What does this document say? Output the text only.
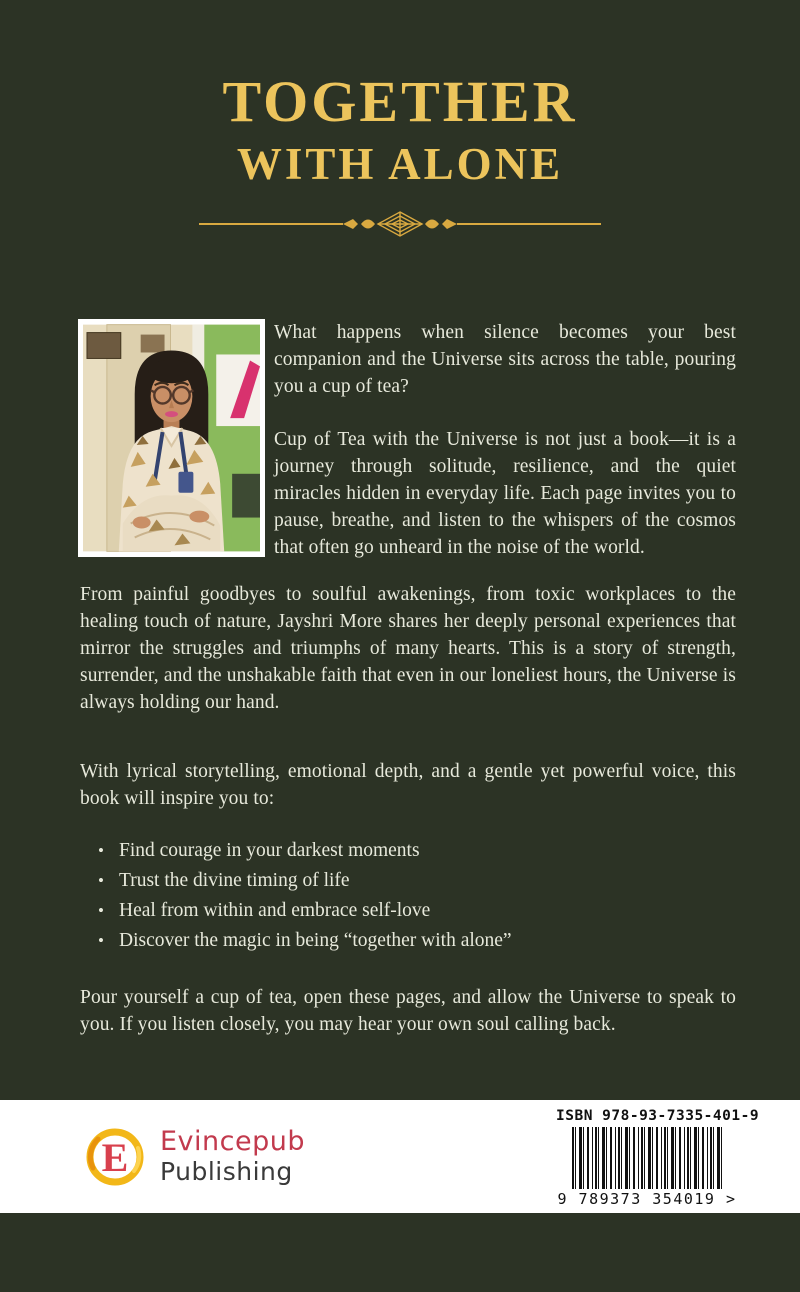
TOGETHER
WITH ALONE

What happens when silence becomes your best companion and the Universe sits across the table, pouring you a cup of tea?

Cup of Tea with the Universe is not just a book—it is a journey through solitude, resilience, and the quiet miracles hidden in everyday life. Each page invites you to pause, breathe, and listen to the whispers of the cosmos that often go unheard in the noise of the world.

From painful goodbyes to soulful awakenings, from toxic workplaces to the healing touch of nature, Jayshri More shares her deeply personal experiences that mirror the struggles and triumphs of many hearts. This is a story of strength, surrender, and the unshakable faith that even in our loneliest hours, the Universe is always holding our hand.

With lyrical storytelling, emotional depth, and a gentle yet powerful voice, this book will inspire you to:

• Find courage in your darkest moments
• Trust the divine timing of life
• Heal from within and embrace self-love
• Discover the magic in being “together with alone”

Pour yourself a cup of tea, open these pages, and allow the Universe to speak to you. If you listen closely, you may hear your own soul calling back.

E	Evincepub
Publishing
ISBN 978-93-7335-401-9
9 789373 354019 >
